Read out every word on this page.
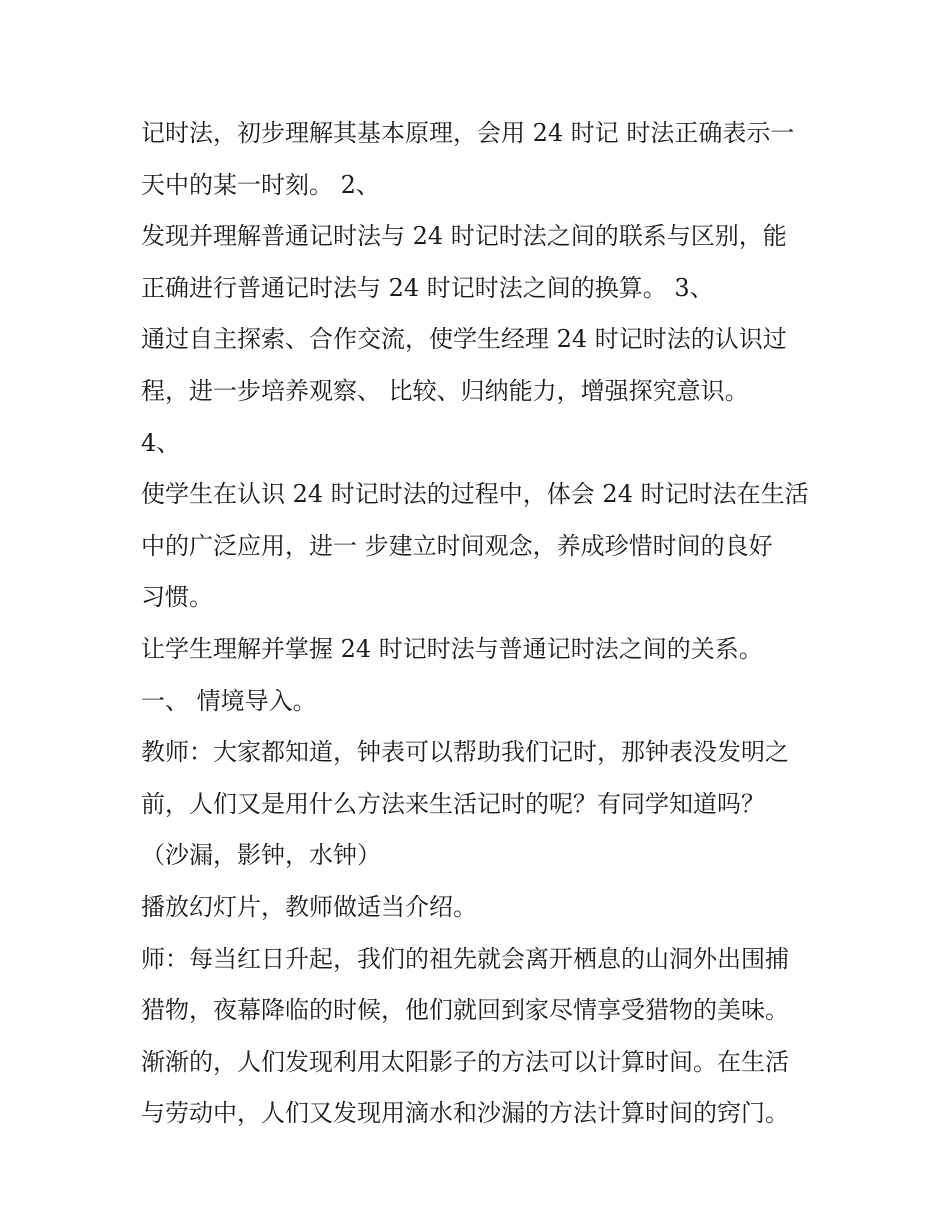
记时法，初步理解其基本原理，会用 24 时记 时法正确表示一
天中的某一时刻。 2、
发现并理解普通记时法与 24 时记时法之间的联系与区别，能
正确进行普通记时法与 24 时记时法之间的换算。 3、
通过自主探索、合作交流，使学生经理 24 时记时法的认识过
程，进一步培养观察、 比较、归纳能力，增强探究意识。
4、
使学生在认识 24 时记时法的过程中，体会 24 时记时法在生活
中的广泛应用，进一 步建立时间观念，养成珍惜时间的良好
习惯。
让学生理解并掌握 24 时记时法与普通记时法之间的关系。
一、 情境导入。
教师：大家都知道，钟表可以帮助我们记时，那钟表没发明之
前，人们又是用什么方法来生活记时的呢？有同学知道吗？
（沙漏，影钟，水钟）
播放幻灯片，教师做适当介绍。
师：每当红日升起，我们的祖先就会离开栖息的山洞外出围捕
猎物，夜幕降临的时候，他们就回到家尽情享受猎物的美味。
渐渐的，人们发现利用太阳影子的方法可以计算时间。在生活
与劳动中，人们又发现用滴水和沙漏的方法计算时间的窍门。
